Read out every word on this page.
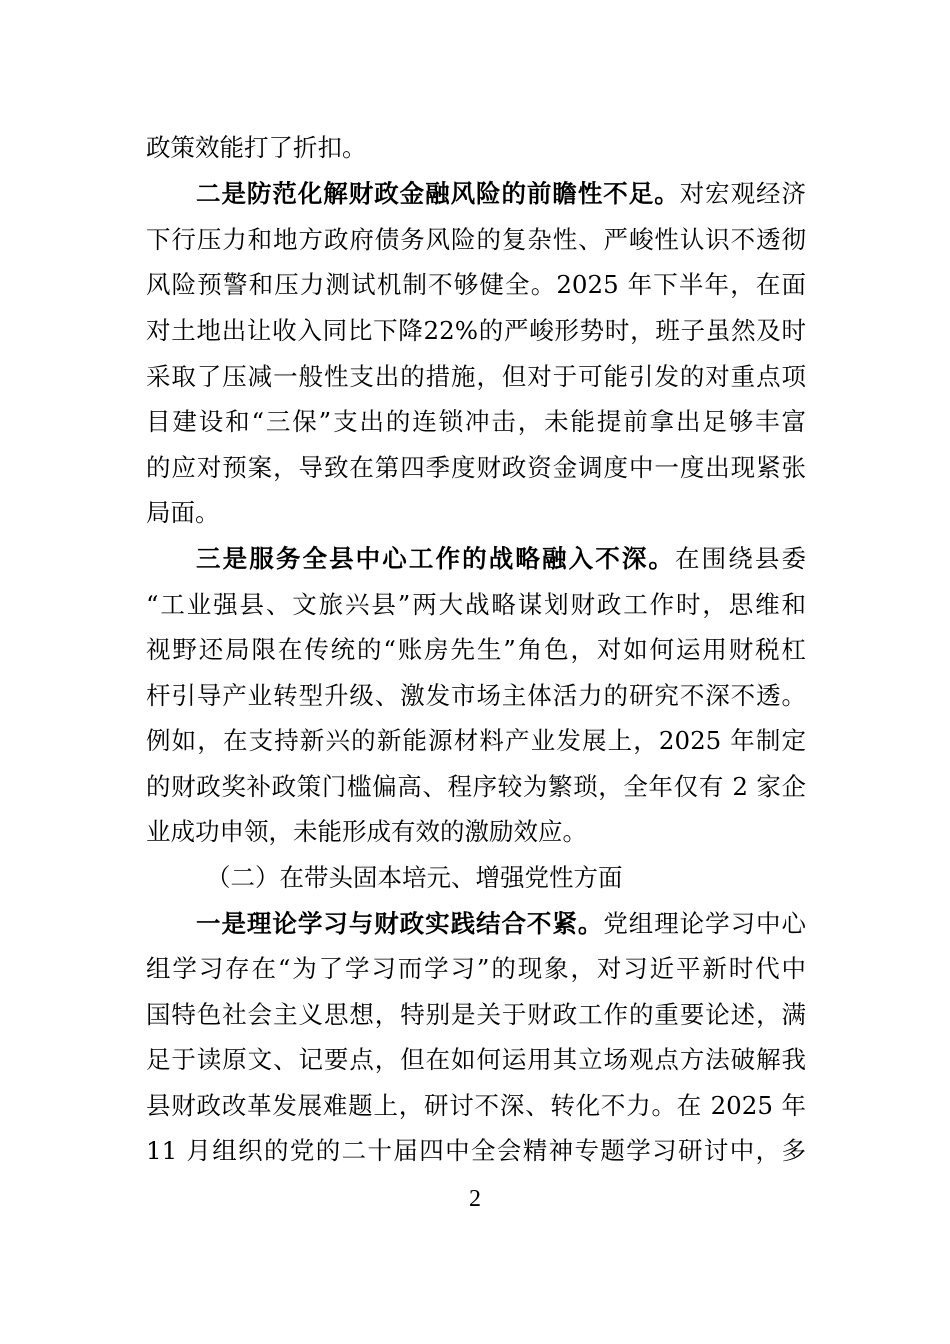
政策效能打了折扣。
二是防范化解财政金融风险的前瞻性不足。对宏观经济
下行压力和地方政府债务风险的复杂性、严峻性认识不透彻
风险预警和压力测试机制不够健全。2025 年下半年，在面
对土地出让收入同比下降22%的严峻形势时，班子虽然及时
采取了压减一般性支出的措施，但对于可能引发的对重点项
目建设和“三保”支出的连锁冲击，未能提前拿出足够丰富
的应对预案，导致在第四季度财政资金调度中一度出现紧张
局面。
三是服务全县中心工作的战略融入不深。在围绕县委
“工业强县、文旅兴县”两大战略谋划财政工作时，思维和
视野还局限在传统的“账房先生”角色，对如何运用财税杠
杆引导产业转型升级、激发市场主体活力的研究不深不透。
例如，在支持新兴的新能源材料产业发展上，2025 年制定
的财政奖补政策门槛偏高、程序较为繁琐，全年仅有 2 家企
业成功申领，未能形成有效的激励效应。
（二）在带头固本培元、增强党性方面
一是理论学习与财政实践结合不紧。党组理论学习中心
组学习存在“为了学习而学习”的现象，对习近平新时代中
国特色社会主义思想，特别是关于财政工作的重要论述，满
足于读原文、记要点，但在如何运用其立场观点方法破解我
县财政改革发展难题上，研讨不深、转化不力。在 2025 年
11 月组织的党的二十届四中全会精神专题学习研讨中，多
2
